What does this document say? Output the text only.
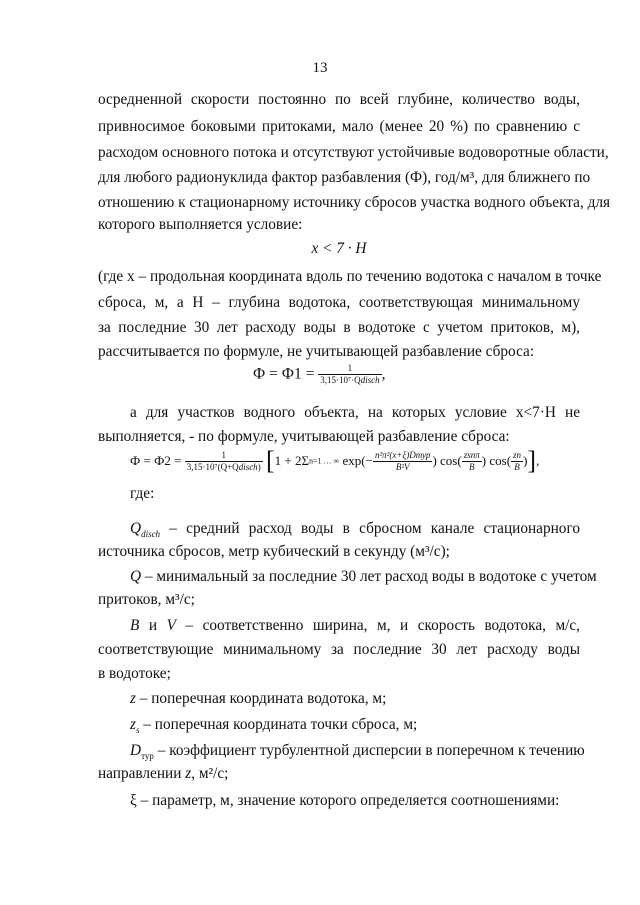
13
осредненной скорости постоянно по всей глубине, количество воды,
привносимое боковыми притоками, мало (менее 20 %) по сравнению с
расходом основного потока и отсутствуют устойчивые водоворотные области,
для любого радионуклида фактор разбавления (Ф), год/м³, для ближнего по
отношению к стационарному источнику сбросов участка водного объекта, для
которого выполняется условие:
x < 7 · H
(где x – продольная координата вдоль по течению водотока с началом в точке
сброса, м, а H – глубина водотока, соответствующая минимальному
за последние 30 лет расходу воды в водотоке с учетом притоков, м),
рассчитывается по формуле, не учитывающей разбавление сброса:
$Ф = Ф1 = \frac{1}{\text{3,15·10⁷·Qdisch}}$ ,
а для участков водного объекта, на которых условие x<7·H не
выполняется, - по формуле, учитывающей разбавление сброса:
$Ф = Ф2 = \frac{1}{\text{3,15·10⁷(Q+Qdisch)}} [1 + 2\Sigma n=1$ … ∞ $\exp(- \frac{\text{n²π²(x+ξ)Dтур}}{\text{B²V}}$ ) $\cos( \frac{\text{zsnπ}}{B}$ ) $\cos( \frac{zn}{B}$ )],
где:
$Q_{disch}$ – средний расход воды в сбросном канале стационарного
источника сбросов, метр кубический в секунду (м³/с);
Q – минимальный за последние 30 лет расход воды в водотоке с учетом
притоков, м³/с;
B и V – соответственно ширина, м, и скорость водотока, м/с,
соответствующие минимальному за последние 30 лет расходу воды
в водотоке;
z – поперечная координата водотока, м;
$z_s$ – поперечная координата точки сброса, м;
$D_{тур}$ – коэффициент турбулентной дисперсии в поперечном к течению
направлении z, м²/с;
ξ – параметр, м, значение которого определяется соотношениями:
